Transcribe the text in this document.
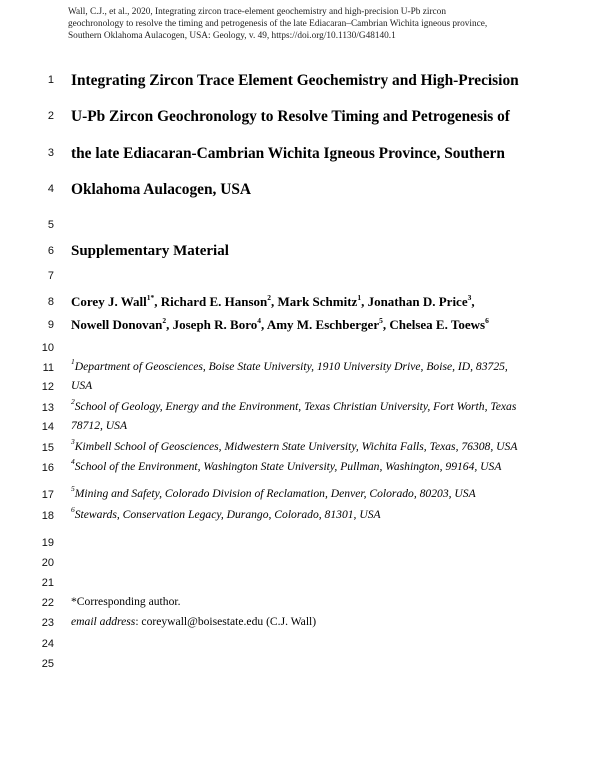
Wall, C.J., et al., 2020, Integrating zircon trace-element geochemistry and high-precision U-Pb zircon
geochronology to resolve the timing and petrogenesis of the late Ediacaran–Cambrian Wichita igneous province,
Southern Oklahoma Aulacogen, USA: Geology, v. 49, https://doi.org/10.1130/G48140.1
1
2
3
4
5
6
7
8
9
10
11
12
13
14
15
16
17
18
19
20
21
22
23
24
25
Integrating Zircon Trace Element Geochemistry and High-Precision
U-Pb Zircon Geochronology to Resolve Timing and Petrogenesis of
the late Ediacaran-Cambrian Wichita Igneous Province, Southern
Oklahoma Aulacogen, USA
Supplementary Material
Corey J. Wall$^{1*}$, Richard E. Hanson$^2$, Mark Schmitz$^1$, Jonathan D. Price$^3$,
Nowell Donovan$^2$, Joseph R. Boro$^4$, Amy M. Eschberger$^5$, Chelsea E. Toews$^6$
$^1$Department of Geosciences, Boise State University, 1910 University Drive, Boise, ID, 83725,
USA
$^2$School of Geology, Energy and the Environment, Texas Christian University, Fort Worth, Texas
78712, USA
$^3$Kimbell School of Geosciences, Midwestern State University, Wichita Falls, Texas, 76308, USA
$^4$School of the Environment, Washington State University, Pullman, Washington, 99164, USA
$^5$Mining and Safety, Colorado Division of Reclamation, Denver, Colorado, 80203, USA
$^6$Stewards, Conservation Legacy, Durango, Colorado, 81301, USA
*Corresponding author.
email address: coreywall@boisestate.edu (C.J. Wall)
